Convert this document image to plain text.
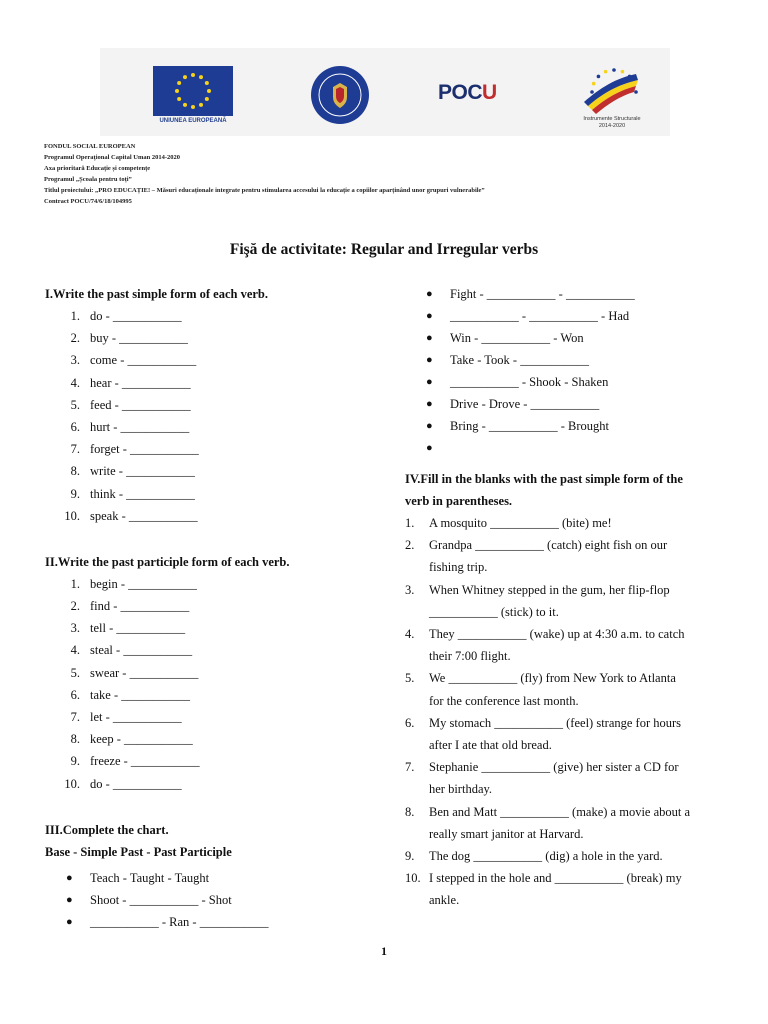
UNIUNEA EUROPEANĂ
POCU
Instrumente Structurale
2014-2020
FONDUL SOCIAL EUROPEAN
Programul Operaţional Capital Uman 2014-2020
Axa prioritară Educație și competențe
Programul „Școala pentru toți”
Titlul proiectului: „PRO EDUCAȚIE! – Măsuri educaționale integrate pentru stimularea accesului la educație a copiilor aparținând unor grupuri vulnerabile”
Contract POCU/74/6/18/104995
Fişă de activitate: Regular and Irregular verbs
I.Write the past simple form of each verb.
1. do - ___________
2. buy - ___________
3. come - ___________
4. hear - ___________
5. feed - ___________
6. hurt - ___________
7. forget - ___________
8. write - ___________
9. think - ___________
10. speak - ___________
II.Write the past participle form of each verb.
1. begin - ___________
2. find - ___________
3. tell - ___________
4. steal - ___________
5. swear - ___________
6. take - ___________
7. let - ___________
8. keep - ___________
9. freeze - ___________
10. do - ___________
III.Complete the chart.
Base - Simple Past - Past Participle
● Teach - Taught - Taught
● Shoot - ___________ - Shot
● ___________ - Ran - ___________
● Fight - ___________ - ___________
● ___________ - ___________ - Had
● Win - ___________ - Won
● Take - Took - ___________
● ___________ - Shook - Shaken
● Drive - Drove - ___________
● Bring - ___________ - Brought
●
IV.Fill in the blanks with the past simple form of the
verb in parentheses.
1.	A mosquito ___________ (bite) me!
2.	Grandpa ___________ (catch) eight fish on our
fishing trip.
3.	When Whitney stepped in the gum, her flip-flop
___________ (stick) to it.
4.	They ___________ (wake) up at 4:30 a.m. to catch
their 7:00 flight.
5.	We ___________ (fly) from New York to Atlanta
for the conference last month.
6.	My stomach ___________ (feel) strange for hours
after I ate that old bread.
7.	Stephanie ___________ (give) her sister a CD for
her birthday.
8.	Ben and Matt ___________ (make) a movie about a
really smart janitor at Harvard.
9.	The dog ___________ (dig) a hole in the yard.
10. I stepped in the hole and ___________ (break) my
ankle.
1
